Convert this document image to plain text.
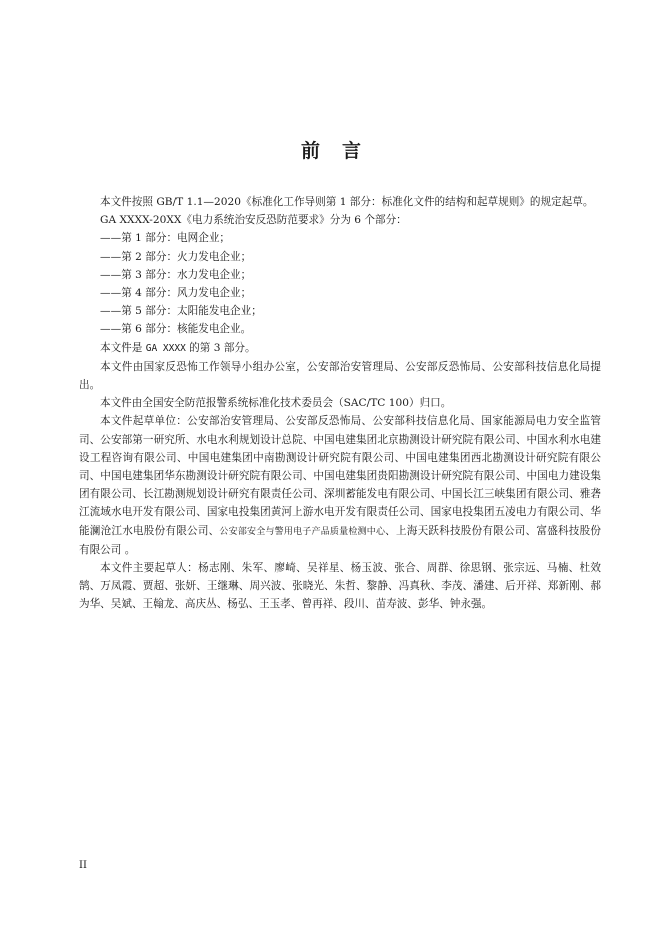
前言

本文件按照 GB/T 1.1—2020《标准化工作导则第 1 部分：标准化文件的结构和起草规则》的规定起草。

GA XXXX-20XX《电力系统治安反恐防范要求》分为 6 个部分：

——第 1 部分：电网企业；

——第 2 部分：火力发电企业；

——第 3 部分：水力发电企业；

——第 4 部分：风力发电企业；

——第 5 部分：太阳能发电企业；

——第 6 部分：核能发电企业。

本文件是 GA XXXX 的第 3 部分。

本文件由国家反恐怖工作领导小组办公室，公安部治安管理局、公安部反恐怖局、公安部科技信息化局提出。

本文件由全国安全防范报警系统标准化技术委员会（SAC/TC 100）归口。

本文件起草单位：公安部治安管理局、公安部反恐怖局、公安部科技信息化局、国家能源局电力安全监管司、公安部第一研究所、水电水利规划设计总院、中国电建集团北京勘测设计研究院有限公司、中国水利水电建设工程咨询有限公司、中国电建集团中南勘测设计研究院有限公司、中国电建集团西北勘测设计研究院有限公司、中国电建集团华东勘测设计研究院有限公司、中国电建集团贵阳勘测设计研究院有限公司、中国电力建设集团有限公司、长江勘测规划设计研究有限责任公司、深圳蓄能发电有限公司、中国长江三峡集团有限公司、雅砻江流域水电开发有限公司、国家电投集团黄河上游水电开发有限责任公司、国家电投集团五凌电力有限公司、华能澜沧江水电股份有限公司、公安部安全与警用电子产品质量检测中心、上海天跃科技股份有限公司、富盛科技股份有限公司 。

本文件主要起草人：杨志刚、朱军、廖崎、吴祥星、杨玉波、张合、周群、徐思钢、张宗远、马楠、杜效鹄、万凤霞、贾超、张妍、王继琳、周兴波、张晓光、朱哲、黎静、冯真秋、李茂、潘建、后开祥、郑新刚、郝为华、吴斌、王翰龙、高庆丛、杨弘、王玉孝、曾再祥、段川、苗寿波、彭华、钟永强。

II
